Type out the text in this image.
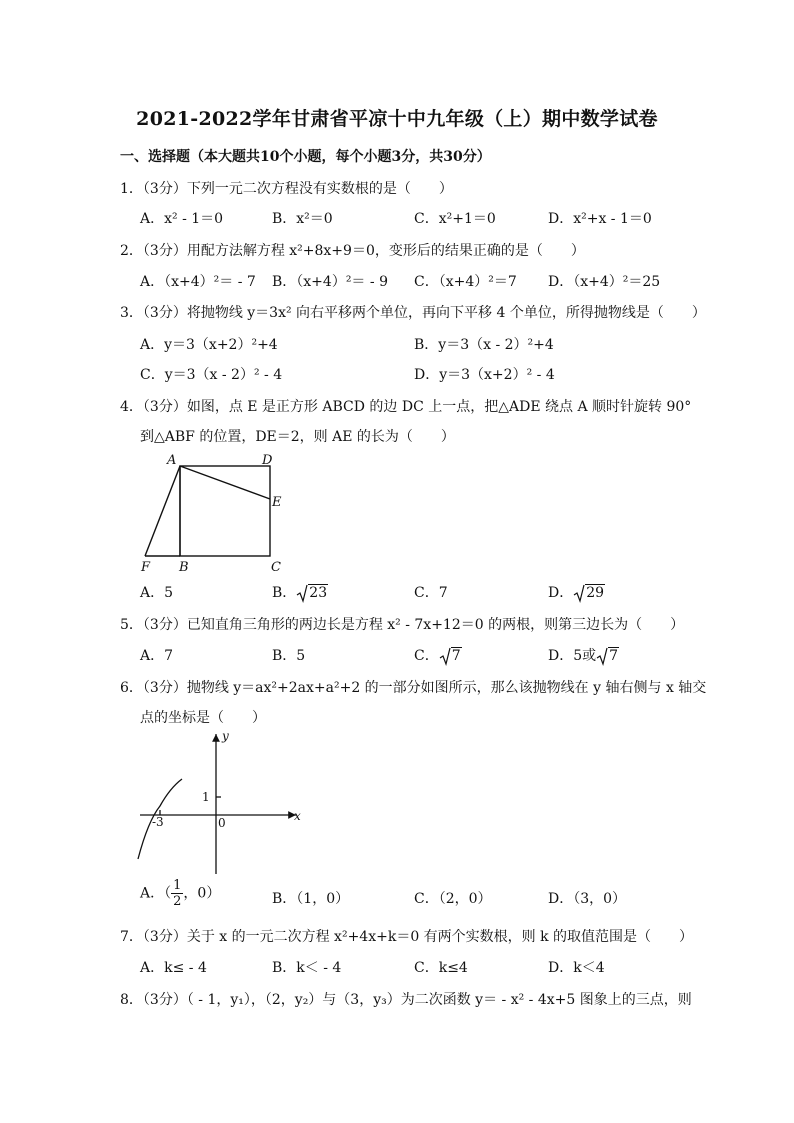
2021-2022学年甘肃省平凉十中九年级（上）期中数学试卷
一、选择题（本大题共10个小题，每个小题3分，共30分）
1．（3分）下列一元二次方程没有实数根的是（　　）
A．x² - 1＝0	B．x²＝0	C．x²+1＝0	D．x²+x - 1＝0
2．（3分）用配方法解方程 x²+8x+9＝0，变形后的结果正确的是（　　）
A．（x+4）²＝ - 7 B．（x+4）²＝ - 9 C．（x+4）²＝7 D．（x+4）²＝25
3．（3分）将抛物线 y＝3x² 向右平移两个单位，再向下平移 4 个单位，所得抛物线是（　　）
A．y＝3（x+2）²+4	B．y＝3（x - 2）²+4
C．y＝3（x - 2）² - 4	D．y＝3（x+2）² - 4
4．（3分）如图，点 E 是正方形 ABCD 的边 DC 上一点，把△ADE 绕点 A 顺时针旋转 90°
到△ABF 的位置，DE＝2，则 AE 的长为（　　）
A	D
E
F B	C
A．5	B． 23	C．7	D． 29
5．（3分）已知直角三角形的两边长是方程 x² - 7x+12＝0 的两根，则第三边长为（　　）
A．7	B．5	C． 7	D．5或 7
6．（3分）抛物线 y＝ax²+2ax+a²+2 的一部分如图所示，那么该抛物线在 y 轴右侧与 x 轴交
点的坐标是（　　）
y
x
1
0
-3
A．（ $\frac{1}{2}$ ，0）	B．（1，0）	C．（2，0）	D．（3，0）
7．（3分）关于 x 的一元二次方程 x²+4x+k＝0 有两个实数根，则 k 的取值范围是（　　）
A．k≤ - 4	B．k＜ - 4	C．k≤4	D．k＜4
8．（3分）（ - 1，y₁），（2，y₂）与（3，y₃）为二次函数 y＝ - x² - 4x+5 图象上的三点，则
